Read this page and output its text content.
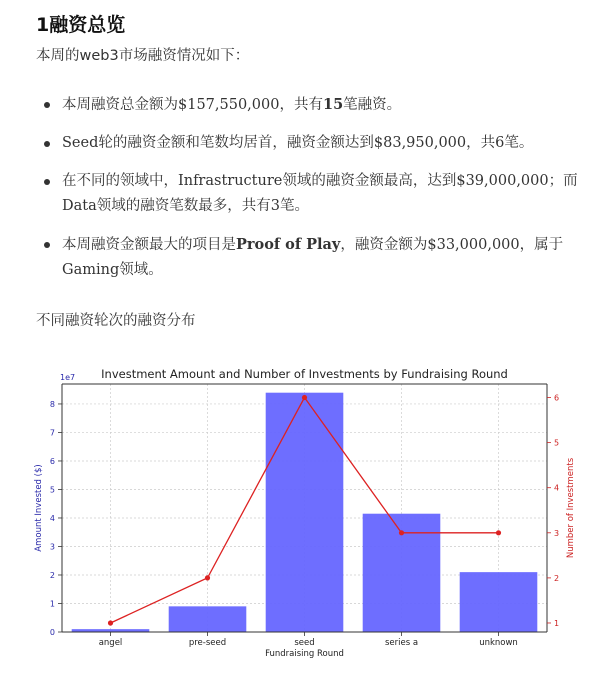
1融资总览
本周的web3市场融资情况如下：
本周融资总金额为$157,550,000，共有15笔融资。
Seed轮的融资金额和笔数均居首，融资金额达到$83,950,000，共6笔。
在不同的领域中，Infrastructure领域的融资金额最高，达到$39,000,000；而Data领域的融资笔数最多，共有3笔。
本周融资金额最大的项目是Proof of Play，融资金额为$33,000,000，属于Gaming领域。
不同融资轮次的融资分布
0
1
2
3
4
5
6
7
8
1
2
3
4
5
6
angel	pre-seed	seed	series a	unknown
Investment Amount and Number of Investments by Fundraising Round
1e7
Fundraising Round
Amount Invested ($)	Number of Investments
